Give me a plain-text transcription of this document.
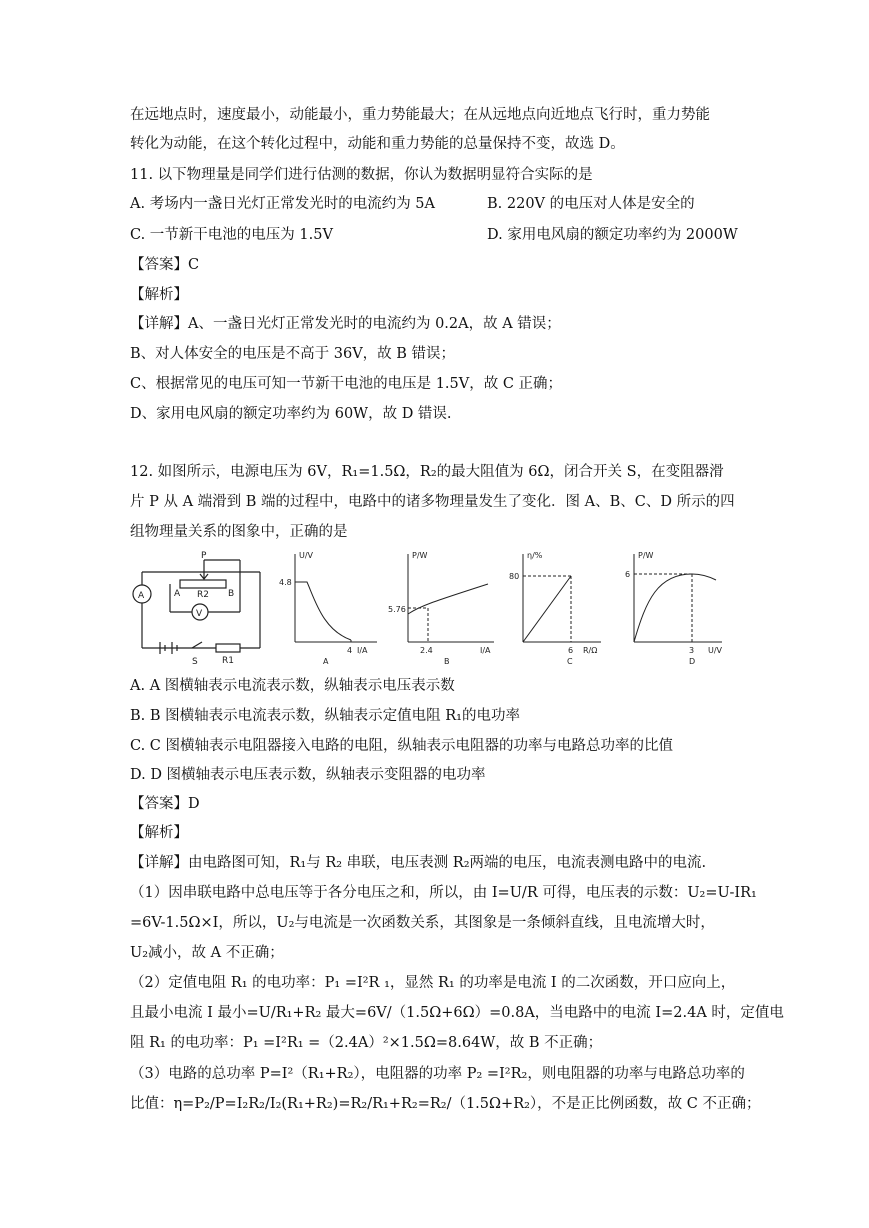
在远地点时，速度最小，动能最小，重力势能最大；在从远地点向近地点飞行时，重力势能
转化为动能，在这个转化过程中，动能和重力势能的总量保持不变，故选 D。
11. 以下物理量是同学们进行估测的数据，你认为数据明显符合实际的是
A. 考场内一盏日光灯正常发光时的电流约为 5A	B. 220V 的电压对人体是安全的
C. 一节新干电池的电压为 1.5V	D. 家用电风扇的额定功率约为 2000W
【答案】C
【解析】
【详解】A、一盏日光灯正常发光时的电流约为 0.2A，故 A 错误；
B、对人体安全的电压是不高于 36V，故 B 错误；
C、根据常见的电压可知一节新干电池的电压是 1.5V，故 C 正确；
D、家用电风扇的额定功率约为 60W，故 D 错误.
12. 如图所示，电源电压为 6V，R₁=1.5Ω，R₂的最大阻值为 6Ω，闭合开关 S，在变阻器滑
片 P 从 A 端滑到 B 端的过程中，电路中的诸多物理量发生了变化．图 A、B、C、D 所示的四
组物理量关系的图象中，正确的是
P
A	B
R2
A
V
S	R1
U/V
I/A
4.8
4
A
P/W
I/A
5.76
2.4
B
η/%
R/Ω
80
6
C
P/W
U/V
6
3
D
A. A 图横轴表示电流表示数，纵轴表示电压表示数
B. B 图横轴表示电流表示数，纵轴表示定值电阻 R₁的电功率
C. C 图横轴表示电阻器接入电路的电阻，纵轴表示电阻器的功率与电路总功率的比值
D. D 图横轴表示电压表示数，纵轴表示变阻器的电功率
【答案】D
【解析】
【详解】由电路图可知，R₁与 R₂ 串联，电压表测 R₂两端的电压，电流表测电路中的电流.
（1）因串联电路中总电压等于各分电压之和，所以，由 I=U/R 可得，电压表的示数：U₂=U-IR₁
=6V-1.5Ω×I，所以，U₂与电流是一次函数关系，其图象是一条倾斜直线，且电流增大时，
U₂减小，故 A 不正确；
（2）定值电阻 R₁ 的电功率：P₁ =I²R ₁，显然 R₁ 的功率是电流 I 的二次函数，开口应向上，
且最小电流 I 最小=U/R₁+R₂ 最大=6V/（1.5Ω+6Ω）=0.8A，当电路中的电流 I=2.4A 时，定值电
阻 R₁ 的电功率：P₁ =I²R₁ =（2.4A）²×1.5Ω=8.64W，故 B 不正确；
（3）电路的总功率 P=I²（R₁+R₂），电阻器的功率 P₂ =I²R₂，则电阻器的功率与电路总功率的
比值：η=P₂/P=I₂R₂/I₂(R₁+R₂)=R₂/R₁+R₂=R₂/（1.5Ω+R₂），不是正比例函数，故 C 不正确；
